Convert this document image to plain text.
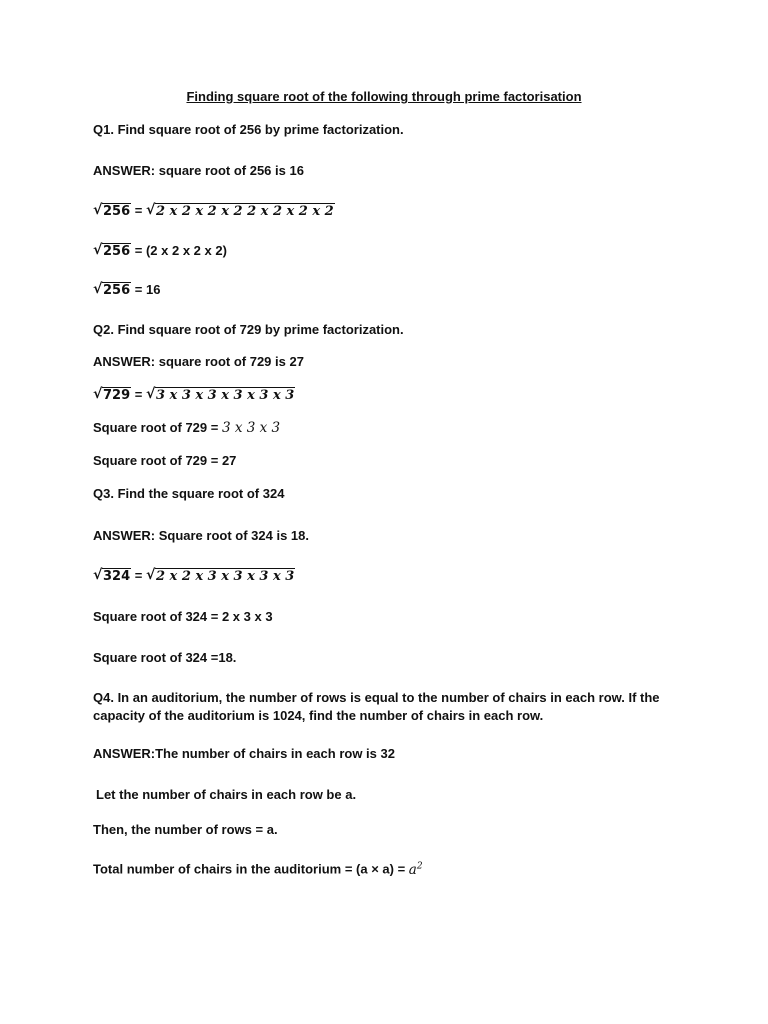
Finding square root of the following through prime factorisation
Q1. Find square root of 256 by prime factorization.
ANSWER: square root of 256 is 16
√ 256 = √ 2 x 2 x 2 x 2 2 x 2 x 2 x 2
√ 256 = (2 x 2 x 2 x 2)
√ 256 = 16
Q2. Find square root of 729 by prime factorization.
ANSWER: square root of 729 is 27
√ 729 = √ 3 x 3 x 3 x 3 x 3 x 3
Square root of 729 = 3 x 3 x 3
Square root of 729 = 27
Q3. Find the square root of 324
ANSWER: Square root of 324 is 18.
√ 324 = √ 2 x 2 x 3 x 3 x 3 x 3
Square root of 324 = 2 x 3 x 3
Square root of 324 =18.
Q4. In an auditorium, the number of rows is equal to the number of chairs in each row. If the capacity of the auditorium is 1024, find the number of chairs in each row.
ANSWER:The number of chairs in each row is 32
Let the number of chairs in each row be a.
Then, the number of rows = a.
Total number of chairs in the auditorium = $(a \times a) = a^2$
